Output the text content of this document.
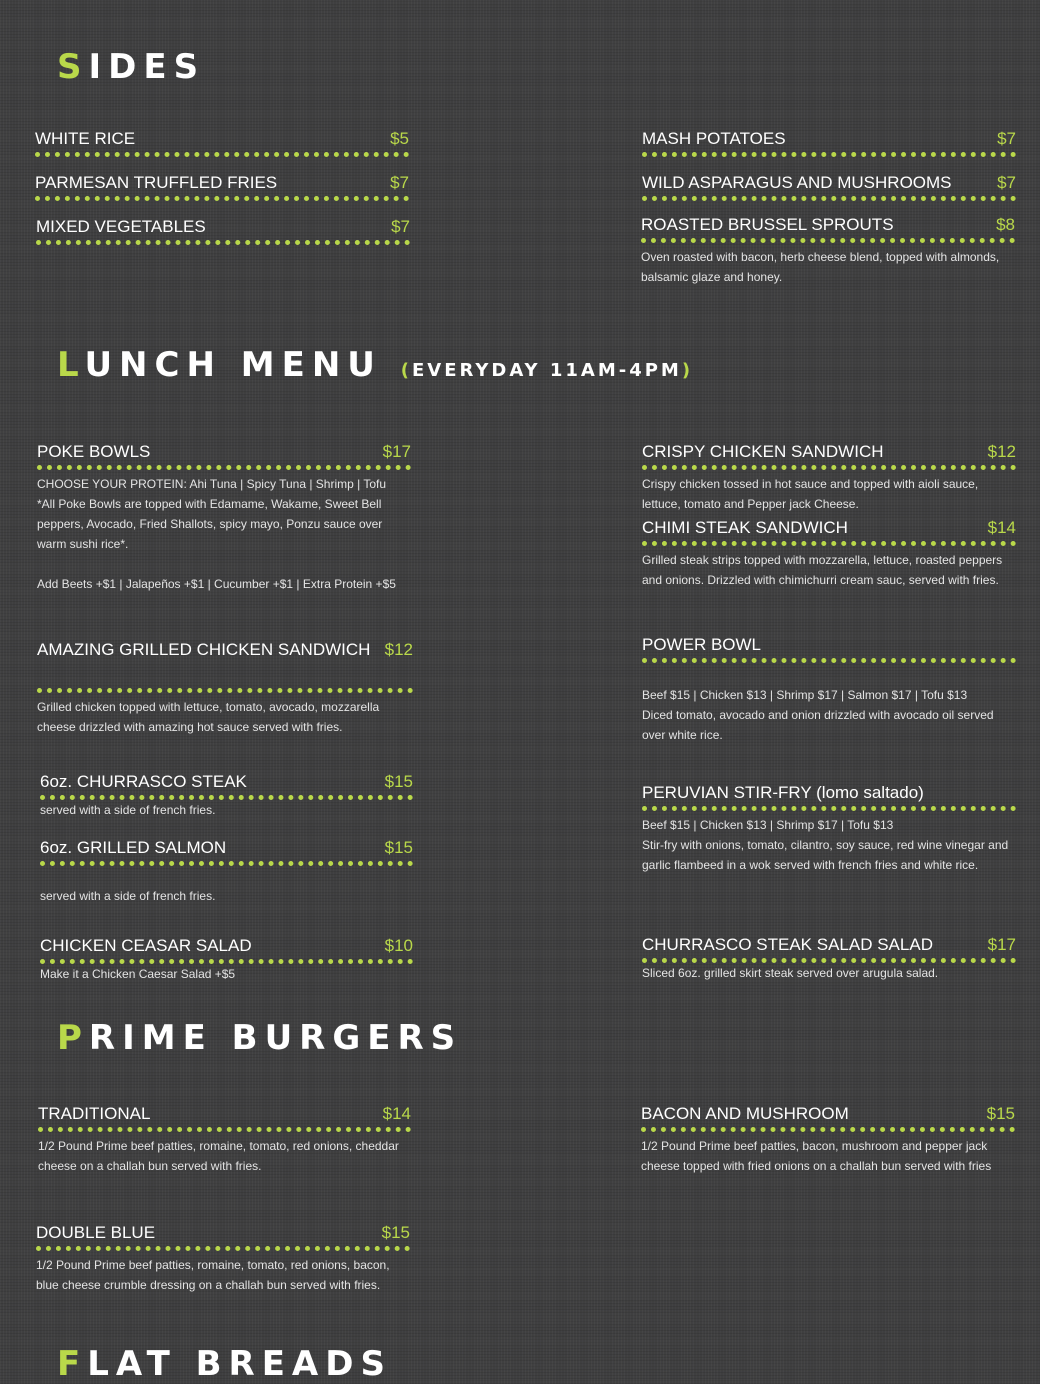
SIDES
WHITE RICE	$5
PARMESAN TRUFFLED FRIES	$7
MIXED VEGETABLES	$7
MASH POTATOES	$7
WILD ASPARAGUS AND MUSHROOMS	$7
ROASTED BRUSSEL SPROUTS	$8
Oven roasted with bacon, herb cheese blend, topped with almonds, balsamic glaze and honey.
LUNCH MENU (EVERYDAY 11AM-4PM)
POKE BOWLS	$17

CHOOSE YOUR PROTEIN: Ahi Tuna | Spicy Tuna | Shrimp | Tofu

*All Poke Bowls are topped with Edamame, Wakame, Sweet Bell peppers, Avocado, Fried Shallots, spicy mayo, Ponzu sauce over warm sushi rice*.

Add Beets +$1 | Jalapeños +$1 | Cucumber +$1 | Extra Protein +$5

CRISPY CHICKEN SANDWICH	$12
Crispy chicken tossed in hot sauce and topped with aioli sauce, lettuce, tomato and Pepper jack Cheese.
CHIMI STEAK SANDWICH	$14
Grilled steak strips topped with mozzarella, lettuce, roasted peppers and onions. Drizzled with chimichurri cream sauc, served with fries.
AMAZING GRILLED CHICKEN SANDWICH $12
Grilled chicken topped with lettuce, tomato, avocado, mozzarella cheese drizzled with amazing hot sauce served with fries.
POWER BOWL

Beef $15 | Chicken $13 | Shrimp $17 | Salmon $17 | Tofu $13

Diced tomato, avocado and onion drizzled with avocado oil served over white rice.

6oz. CHURRASCO STEAK	$15
served with a side of french fries.
6oz. GRILLED SALMON	$15
served with a side of french fries.
PERUVIAN STIR-FRY (lomo saltado)

Beef $15 | Chicken $13 | Shrimp $17 | Tofu $13

Stir-fry with onions, tomato, cilantro, soy sauce, red wine vinegar and garlic flambeed in a wok served with french fries and white rice.

CHICKEN CEASAR SALAD	$10
Make it a Chicken Caesar Salad +$5
CHURRASCO STEAK SALAD SALAD	$17
Sliced 6oz. grilled skirt steak served over arugula salad.
PRIME BURGERS
TRADITIONAL	$14
1/2 Pound Prime beef patties, romaine, tomato, red onions, cheddar cheese on a challah bun served with fries.
BACON AND MUSHROOM	$15
1/2 Pound Prime beef patties, bacon, mushroom and pepper jack cheese topped with fried onions on a challah bun served with fries
DOUBLE BLUE	$15
1/2 Pound Prime beef patties, romaine, tomato, red onions, bacon, blue cheese crumble dressing on a challah bun served with fries.
FLAT BREADS
